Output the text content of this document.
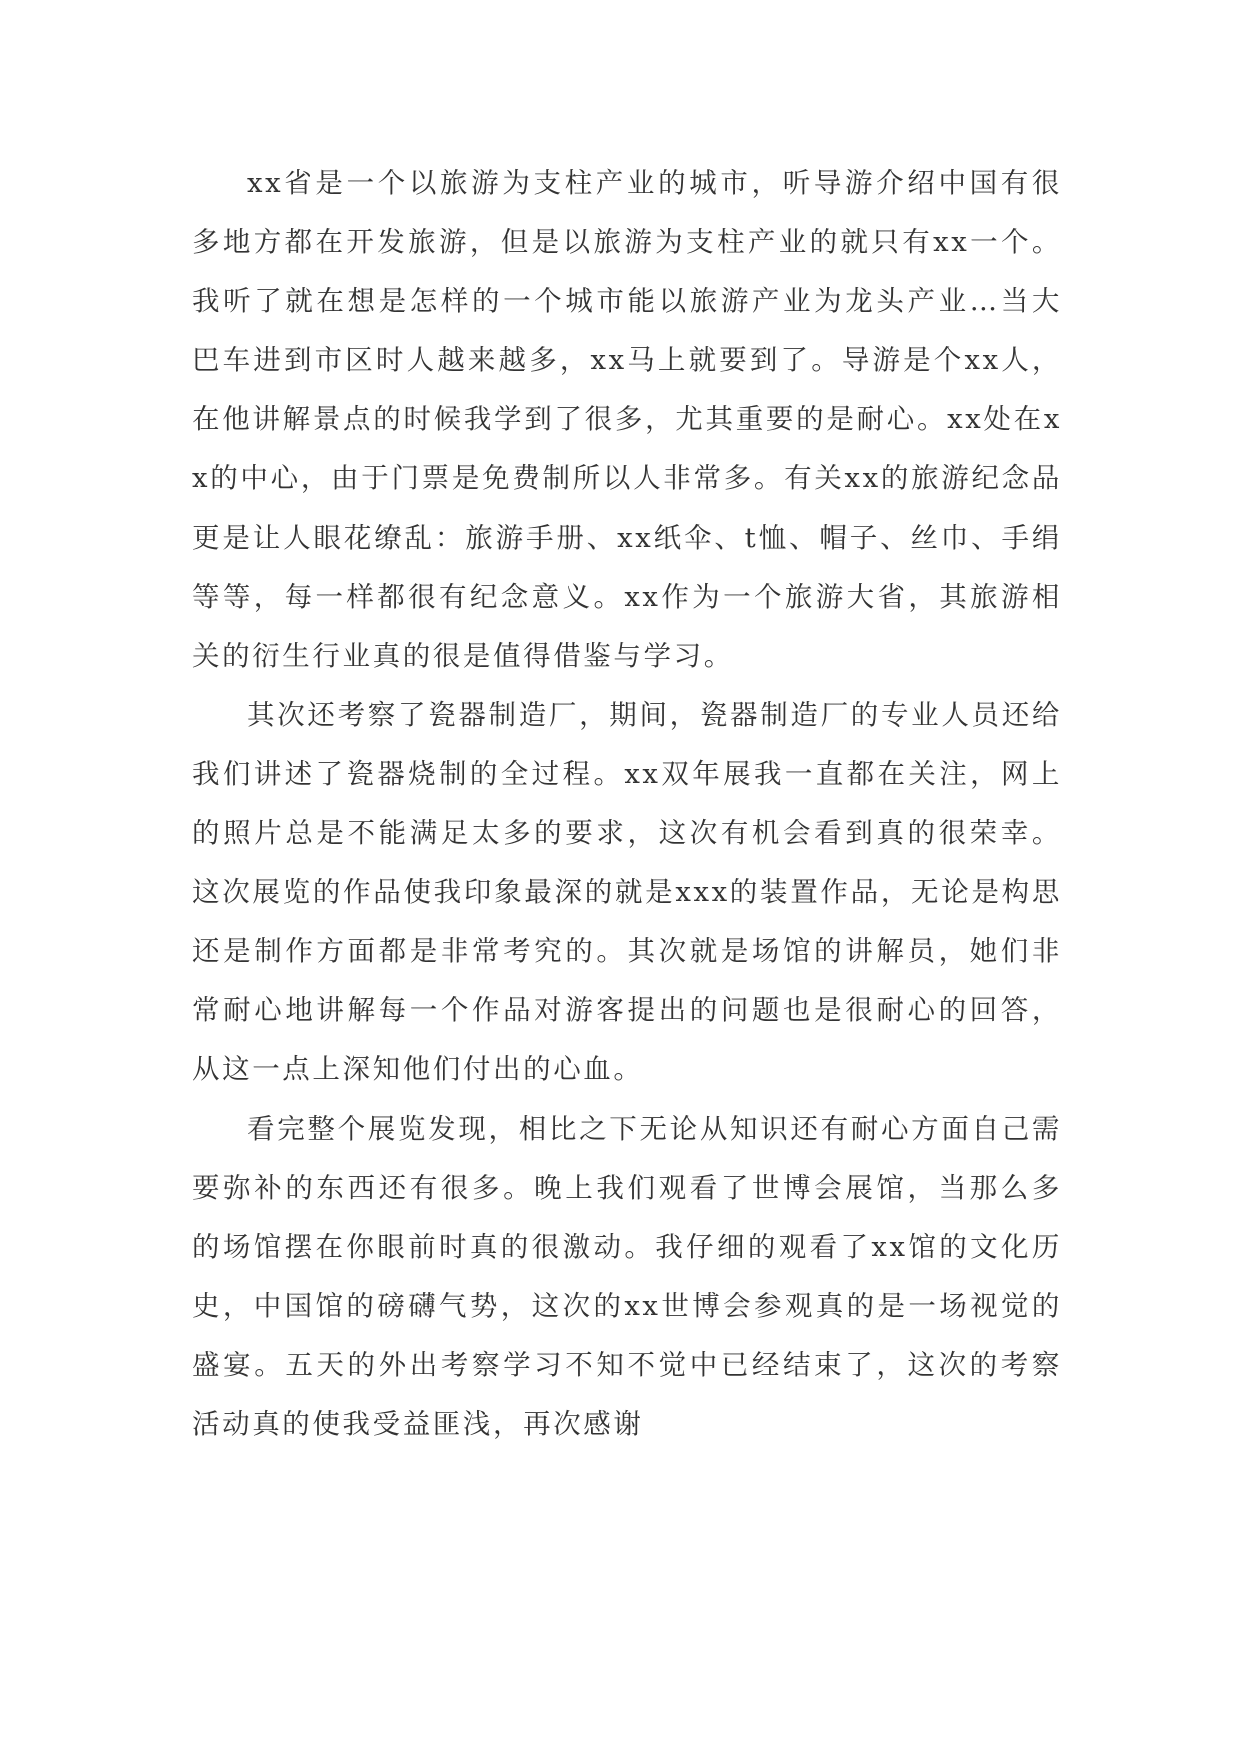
xx省是一个以旅游为支柱产业的城市，听导游介绍中国有很多地方都在开发旅游，但是以旅游为支柱产业的就只有xx一个。我听了就在想是怎样的一个城市能以旅游产业为龙头产业…当大巴车进到市区时人越来越多，xx马上就要到了。导游是个xx人，在他讲解景点的时候我学到了很多，尤其重要的是耐心。xx处在xx的中心，由于门票是免费制所以人非常多。有关xx的旅游纪念品更是让人眼花缭乱：旅游手册、xx纸伞、t恤、帽子、丝巾、手绢等等，每一样都很有纪念意义。xx作为一个旅游大省，其旅游相关的衍生行业真的很是值得借鉴与学习。

其次还考察了瓷器制造厂，期间，瓷器制造厂的专业人员还给我们讲述了瓷器烧制的全过程。xx双年展我一直都在关注，网上的照片总是不能满足太多的要求，这次有机会看到真的很荣幸。这次展览的作品使我印象最深的就是xxx的装置作品，无论是构思还是制作方面都是非常考究的。其次就是场馆的讲解员，她们非常耐心地讲解每一个作品对游客提出的问题也是很耐心的回答，从这一点上深知他们付出的心血。

看完整个展览发现，相比之下无论从知识还有耐心方面自己需要弥补的东西还有很多。晚上我们观看了世博会展馆，当那么多的场馆摆在你眼前时真的很激动。我仔细的观看了xx馆的文化历史，中国馆的磅礴气势，这次的xx世博会参观真的是一场视觉的盛宴。五天的外出考察学习不知不觉中已经结束了，这次的考察活动真的使我受益匪浅，再次感谢
